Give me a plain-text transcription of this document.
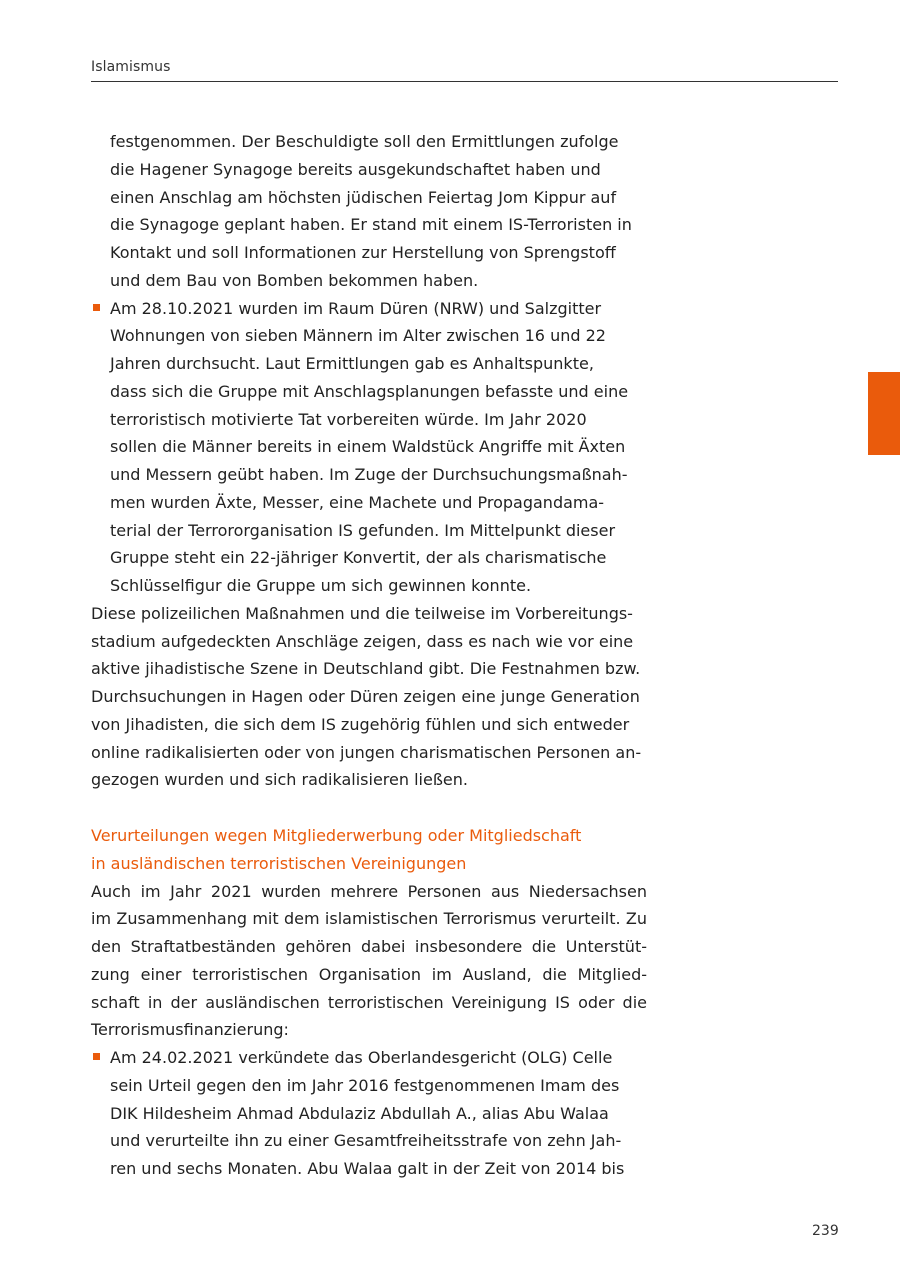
Islamismus
festgenommen. Der Beschuldigte soll den Ermittlungen zufolge
die Hagener Synagoge bereits ausgekundschaftet haben und
einen Anschlag am höchsten jüdischen Feiertag Jom Kippur auf
die Synagoge geplant haben. Er stand mit einem IS-Terroristen in
Kontakt und soll Informationen zur Herstellung von Sprengstoff
und dem Bau von Bomben bekommen haben.
Am 28.10.2021 wurden im Raum Düren (NRW) und Salzgitter
Wohnungen von sieben Männern im Alter zwischen 16 und 22
Jahren durchsucht. Laut Ermittlungen gab es Anhaltspunkte,
dass sich die Gruppe mit Anschlagsplanungen befasste und eine
terroristisch motivierte Tat vorbereiten würde. Im Jahr 2020
sollen die Männer bereits in einem Waldstück Angriffe mit Äxten
und Messern geübt haben. Im Zuge der Durchsuchungsmaßnah-
men wurden Äxte, Messer, eine Machete und Propagandama-
terial der Terrororganisation IS gefunden. Im Mittelpunkt dieser
Gruppe steht ein 22-jähriger Konvertit, der als charismatische
Schlüsselfigur die Gruppe um sich gewinnen konnte.
Diese polizeilichen Maßnahmen und die teilweise im Vorbereitungs-
stadium aufgedeckten Anschläge zeigen, dass es nach wie vor eine
aktive jihadistische Szene in Deutschland gibt. Die Festnahmen bzw.
Durchsuchungen in Hagen oder Düren zeigen eine junge Generation
von Jihadisten, die sich dem IS zugehörig fühlen und sich entweder
online radikalisierten oder von jungen charismatischen Personen an-
gezogen wurden und sich radikalisieren ließen.
Verurteilungen wegen Mitgliederwerbung oder Mitgliedschaft
in ausländischen terroristischen Vereinigungen
Auch im Jahr 2021 wurden mehrere Personen aus Niedersachsen
im Zusammenhang mit dem islamistischen Terrorismus verurteilt. Zu
den Straftatbeständen gehören dabei insbesondere die Unterstüt-
zung einer terroristischen Organisation im Ausland, die Mitglied-
schaft in der ausländischen terroristischen Vereinigung IS oder die
Terrorismusfinanzierung:
Am 24.02.2021 verkündete das Oberlandesgericht (OLG) Celle
sein Urteil gegen den im Jahr 2016 festgenommenen Imam des
DIK Hildesheim Ahmad Abdulaziz Abdullah A., alias Abu Walaa
und verurteilte ihn zu einer Gesamtfreiheitsstrafe von zehn Jah-
ren und sechs Monaten. Abu Walaa galt in der Zeit von 2014 bis
239
